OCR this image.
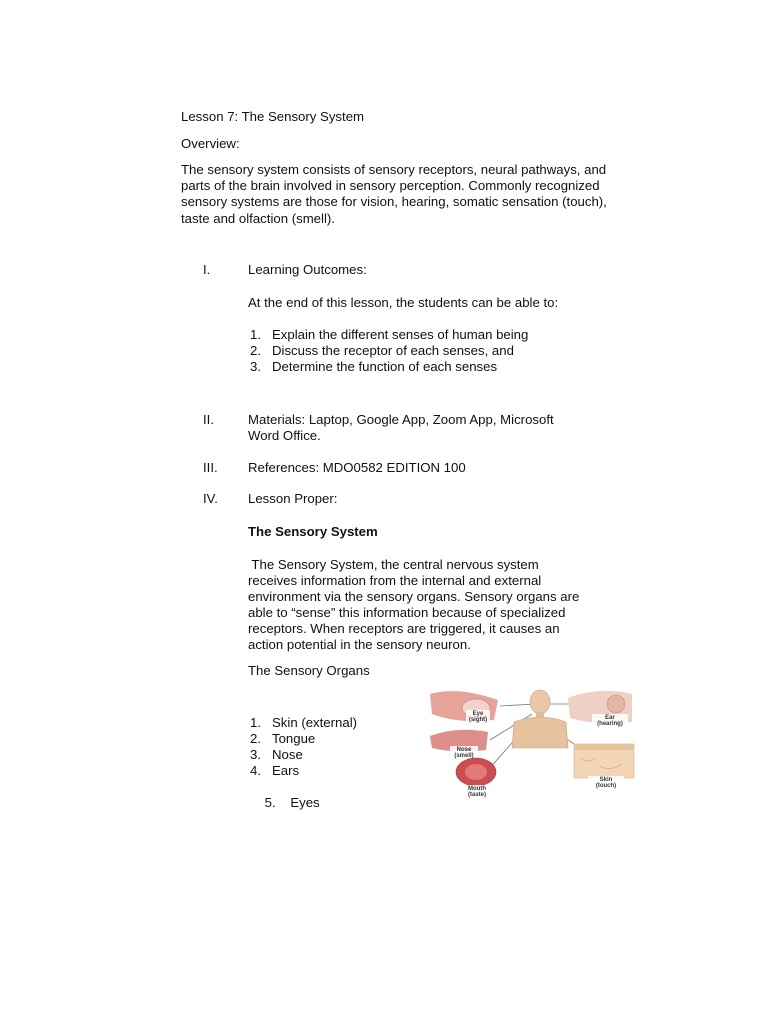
Lesson 7: The Sensory System
Overview:
The sensory system consists of sensory receptors, neural pathways, and parts of the brain involved in sensory perception. Commonly recognized sensory systems are those for vision, hearing, somatic sensation (touch), taste and olfaction (smell).
I.	Learning Outcomes:
At the end of this lesson, the students can be able to:
1. Explain the different senses of human being
2. Discuss the receptor of each senses, and
3. Determine the function of each senses
II.	Materials: Laptop, Google App, Zoom App, Microsoft
Word Office.
III. References: MDO0582 EDITION 100
IV. Lesson Proper:
The Sensory System
The Sensory System, the central nervous system
receives information from the internal and external
environment via the sensory organs. Sensory organs are
able to “sense” this information because of specialized
receptors. When receptors are triggered, it causes an
action potential in the sensory neuron.
The Sensory Organs
1. Skin (external)
2. Tongue
3. Nose
4. Ears

5. Eyes

Eye
(sight)	Ear
(hearing)
Nose
(smell)
Mouth
(taste)
Skin
(touch)
